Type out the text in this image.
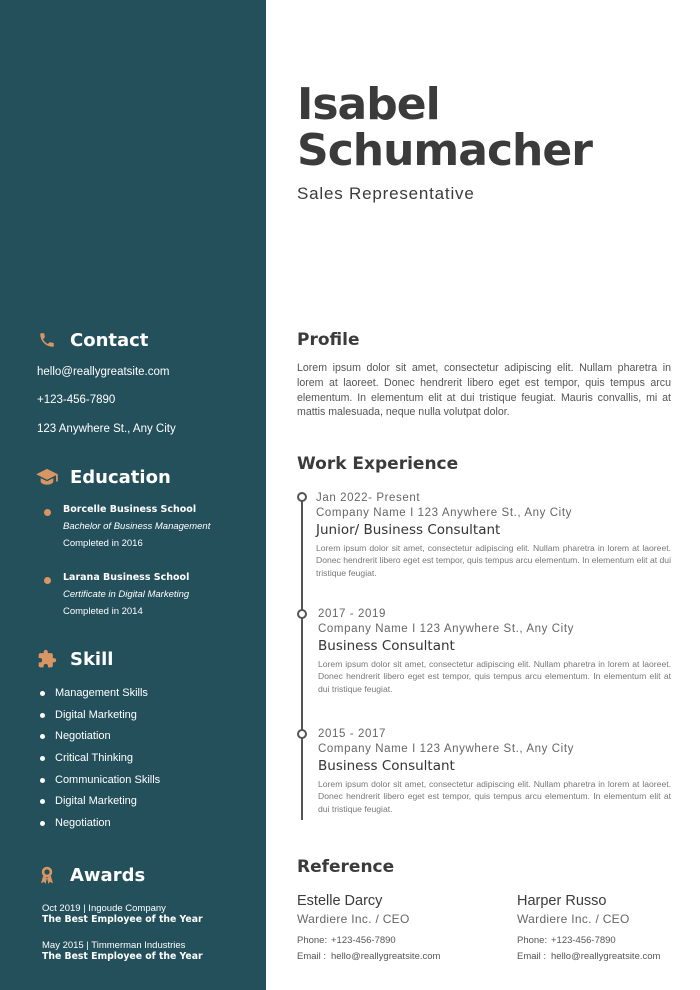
Contact
hello@reallygreatsite.com
+123-456-7890
123 Anywhere St., Any City
Education
Borcelle Business School
Bachelor of Business Management
Completed in 2016
Larana Business School
Certificate in Digital Marketing
Completed in 2014
Skill
Management Skills
Digital Marketing
Negotiation
Critical Thinking
Communication Skills
Digital Marketing
Negotiation
Awards
Oct 2019 | Ingoude Company
The Best Employee of the Year
May 2015 | Timmerman Industries
The Best Employee of the Year
Isabel
Schumacher
Sales Representative
Profile
Lorem ipsum dolor sit amet, consectetur adipiscing elit. Nullam pharetra in lorem at laoreet. Donec hendrerit libero eget est tempor, quis tempus arcu elementum. In elementum elit at dui tristique feugiat. Mauris convallis, mi at mattis malesuada, neque nulla volutpat dolor.
Work Experience
Jan 2022- Present
Company Name I 123 Anywhere St., Any City
Junior/ Business Consultant
Lorem ipsum dolor sit amet, consectetur adipiscing elit. Nullam pharetra in lorem at laoreet. Donec hendrerit libero eget est tempor, quis tempus arcu elementum. In elementum elit at dui tristique feugiat.
2017 - 2019
Company Name I 123 Anywhere St., Any City
Business Consultant
Lorem ipsum dolor sit amet, consectetur adipiscing elit. Nullam pharetra in lorem at laoreet. Donec hendrerit libero eget est tempor, quis tempus arcu elementum. In elementum elit at dui tristique feugiat.
2015 - 2017
Company Name I 123 Anywhere St., Any City
Business Consultant
Lorem ipsum dolor sit amet, consectetur adipiscing elit. Nullam pharetra in lorem at laoreet. Donec hendrerit libero eget est tempor, quis tempus arcu elementum. In elementum elit at dui tristique feugiat.
Reference
Estelle Darcy
Wardiere Inc. / CEO
Phone: +123-456-7890
Email : hello@reallygreatsite.com
Harper Russo
Wardiere Inc. / CEO
Phone: +123-456-7890
Email : hello@reallygreatsite.com
